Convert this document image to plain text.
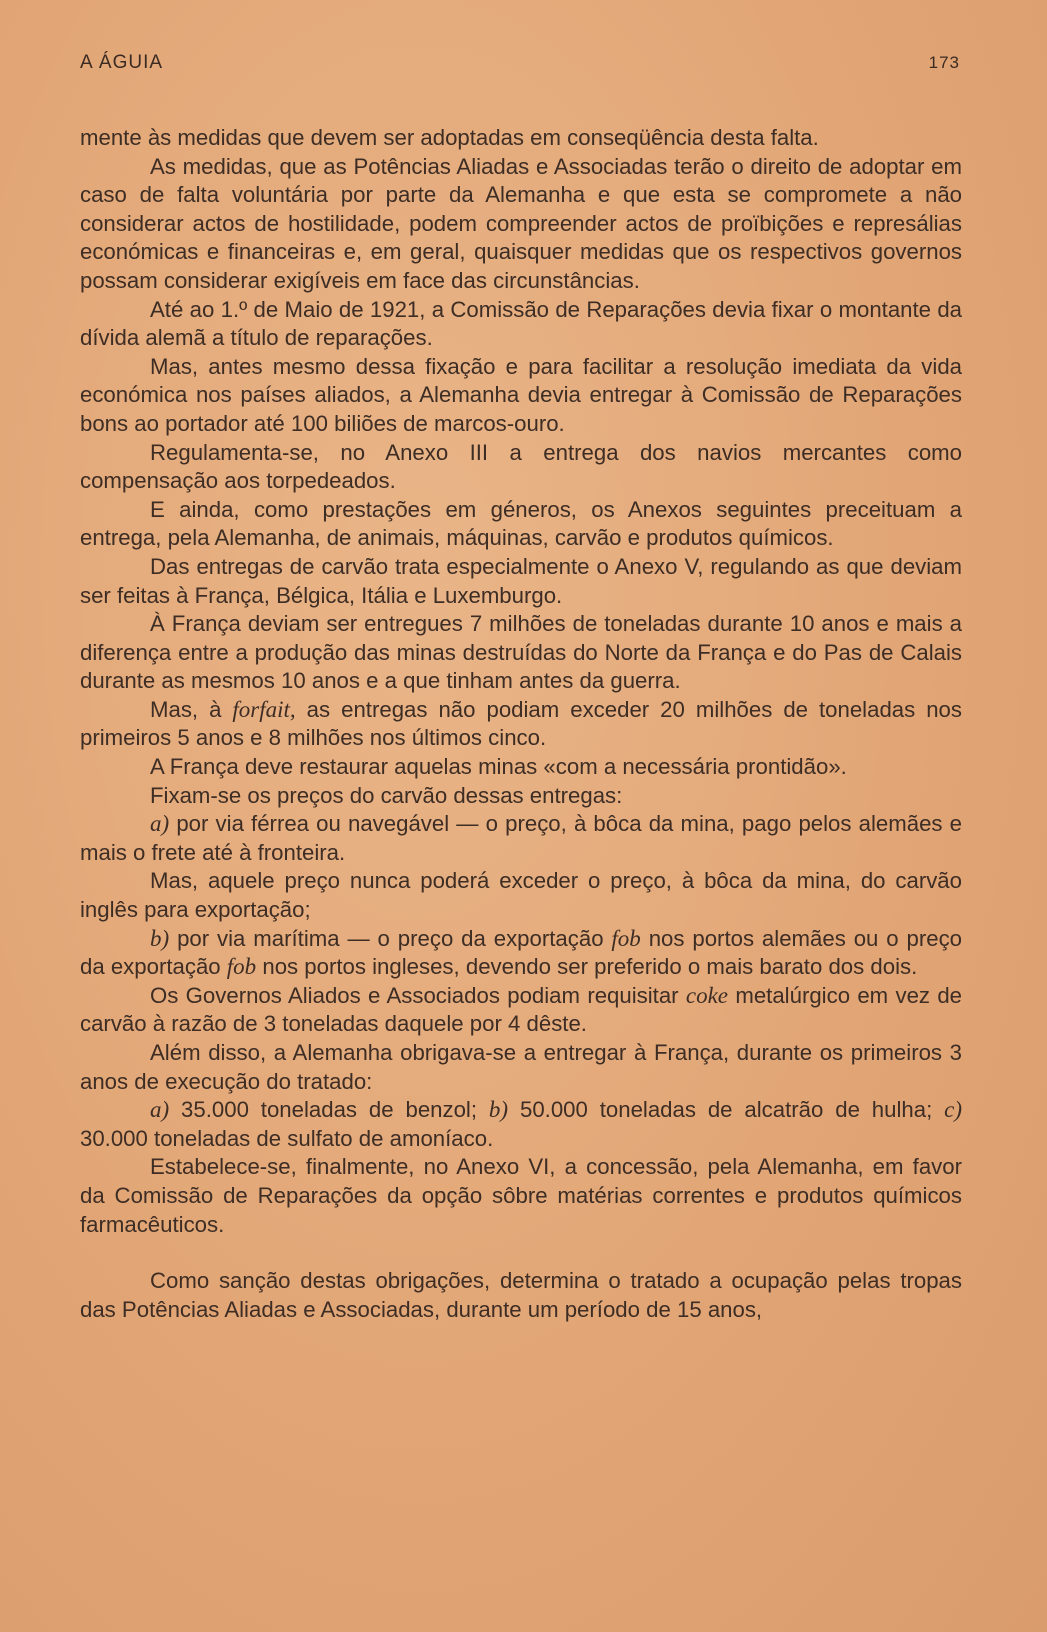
A ÁGUIA	173

mente às medidas que devem ser adoptadas em conseqüência desta falta.

As medidas, que as Potências Aliadas e Associadas terão o direito de adoptar em caso de falta voluntária por parte da Alemanha e que esta se compromete a não considerar actos de hostilidade, podem compreender actos de proïbições e represálias económicas e financeiras e, em geral, quaisquer medidas que os respectivos governos possam considerar exigíveis em face das circunstâncias.

Até ao 1.º de Maio de 1921, a Comissão de Reparações devia fixar o montante da dívida alemã a título de reparações.

Mas, antes mesmo dessa fixação e para facilitar a resolução imediata da vida económica nos países aliados, a Alemanha devia entregar à Comissão de Reparações bons ao portador até 100 biliões de marcos-ouro.

Regulamenta-se, no Anexo III a entrega dos navios mercantes como compensação aos torpedeados.

E ainda, como prestações em géneros, os Anexos seguintes preceituam a entrega, pela Alemanha, de animais, máquinas, carvão e produtos químicos.

Das entregas de carvão trata especialmente o Anexo V, regulando as que deviam ser feitas à França, Bélgica, Itália e Luxemburgo.

À França deviam ser entregues 7 milhões de toneladas durante 10 anos e mais a diferença entre a produção das minas destruídas do Norte da França e do Pas de Calais durante as mesmos 10 anos e a que tinham antes da guerra.

Mas, à forfait, as entregas não podiam exceder 20 milhões de toneladas nos primeiros 5 anos e 8 milhões nos últimos cinco.

A França deve restaurar aquelas minas «com a necessária prontidão».

Fixam-se os preços do carvão dessas entregas:

a) por via férrea ou navegável — o preço, à bôca da mina, pago pelos alemães e mais o frete até à fronteira.

Mas, aquele preço nunca poderá exceder o preço, à bôca da mina, do carvão inglês para exportação;

b) por via marítima — o preço da exportação fob nos portos alemães ou o preço da exportação fob nos portos ingleses, devendo ser preferido o mais barato dos dois.

Os Governos Aliados e Associados podiam requisitar coke metalúrgico em vez de carvão à razão de 3 toneladas daquele por 4 dêste.

Além disso, a Alemanha obrigava-se a entregar à França, durante os primeiros 3 anos de execução do tratado:

a) 35.000 toneladas de benzol; b) 50.000 toneladas de alcatrão de hulha; c) 30.000 toneladas de sulfato de amoníaco.

Estabelece-se, finalmente, no Anexo VI, a concessão, pela Alemanha, em favor da Comissão de Reparações da opção sôbre matérias correntes e produtos químicos farmacêuticos.

Como sanção destas obrigações, determina o tratado a ocupação pelas tropas das Potências Aliadas e Associadas, durante um período de 15 anos,
